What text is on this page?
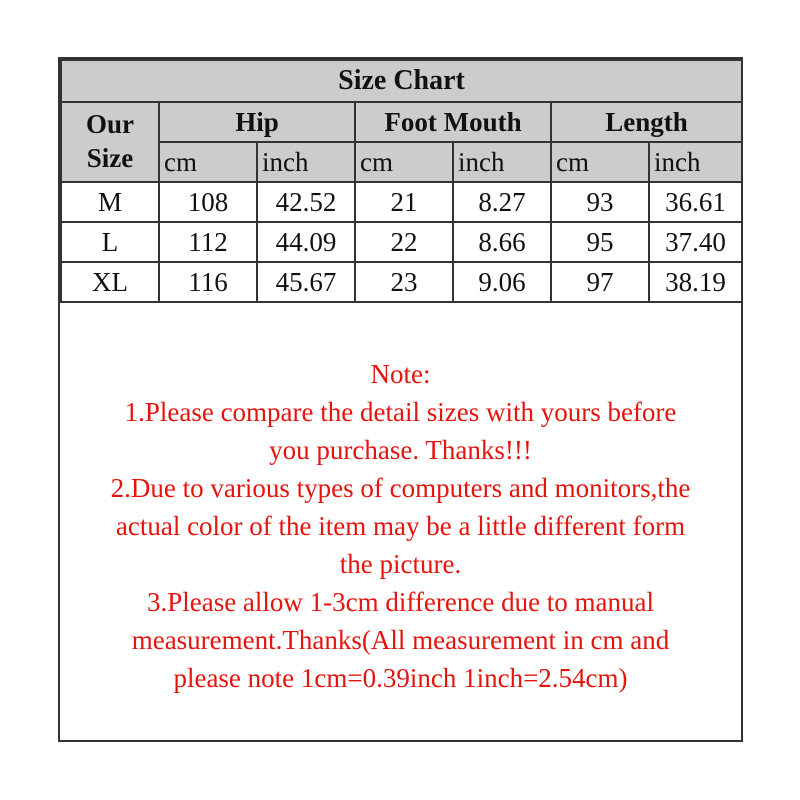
Size Chart						
Our
Size	Hip		Foot Mouth		Length	
	cm	inch	cm	inch	cm	inch
M	108	42.52	21	8.27	93	36.61
L	112	44.09	22	8.66	95	37.40
XL	116	45.67	23	9.06	97	38.19
Note:
1.Please compare the detail sizes with yours before
you purchase. Thanks!!!
2.Due to various types of computers and monitors,the
actual color of the item may be a little different form
the picture.
3.Please allow 1-3cm difference due to manual
measurement.Thanks(All measurement in cm and
please note 1cm=0.39inch 1inch=2.54cm)
